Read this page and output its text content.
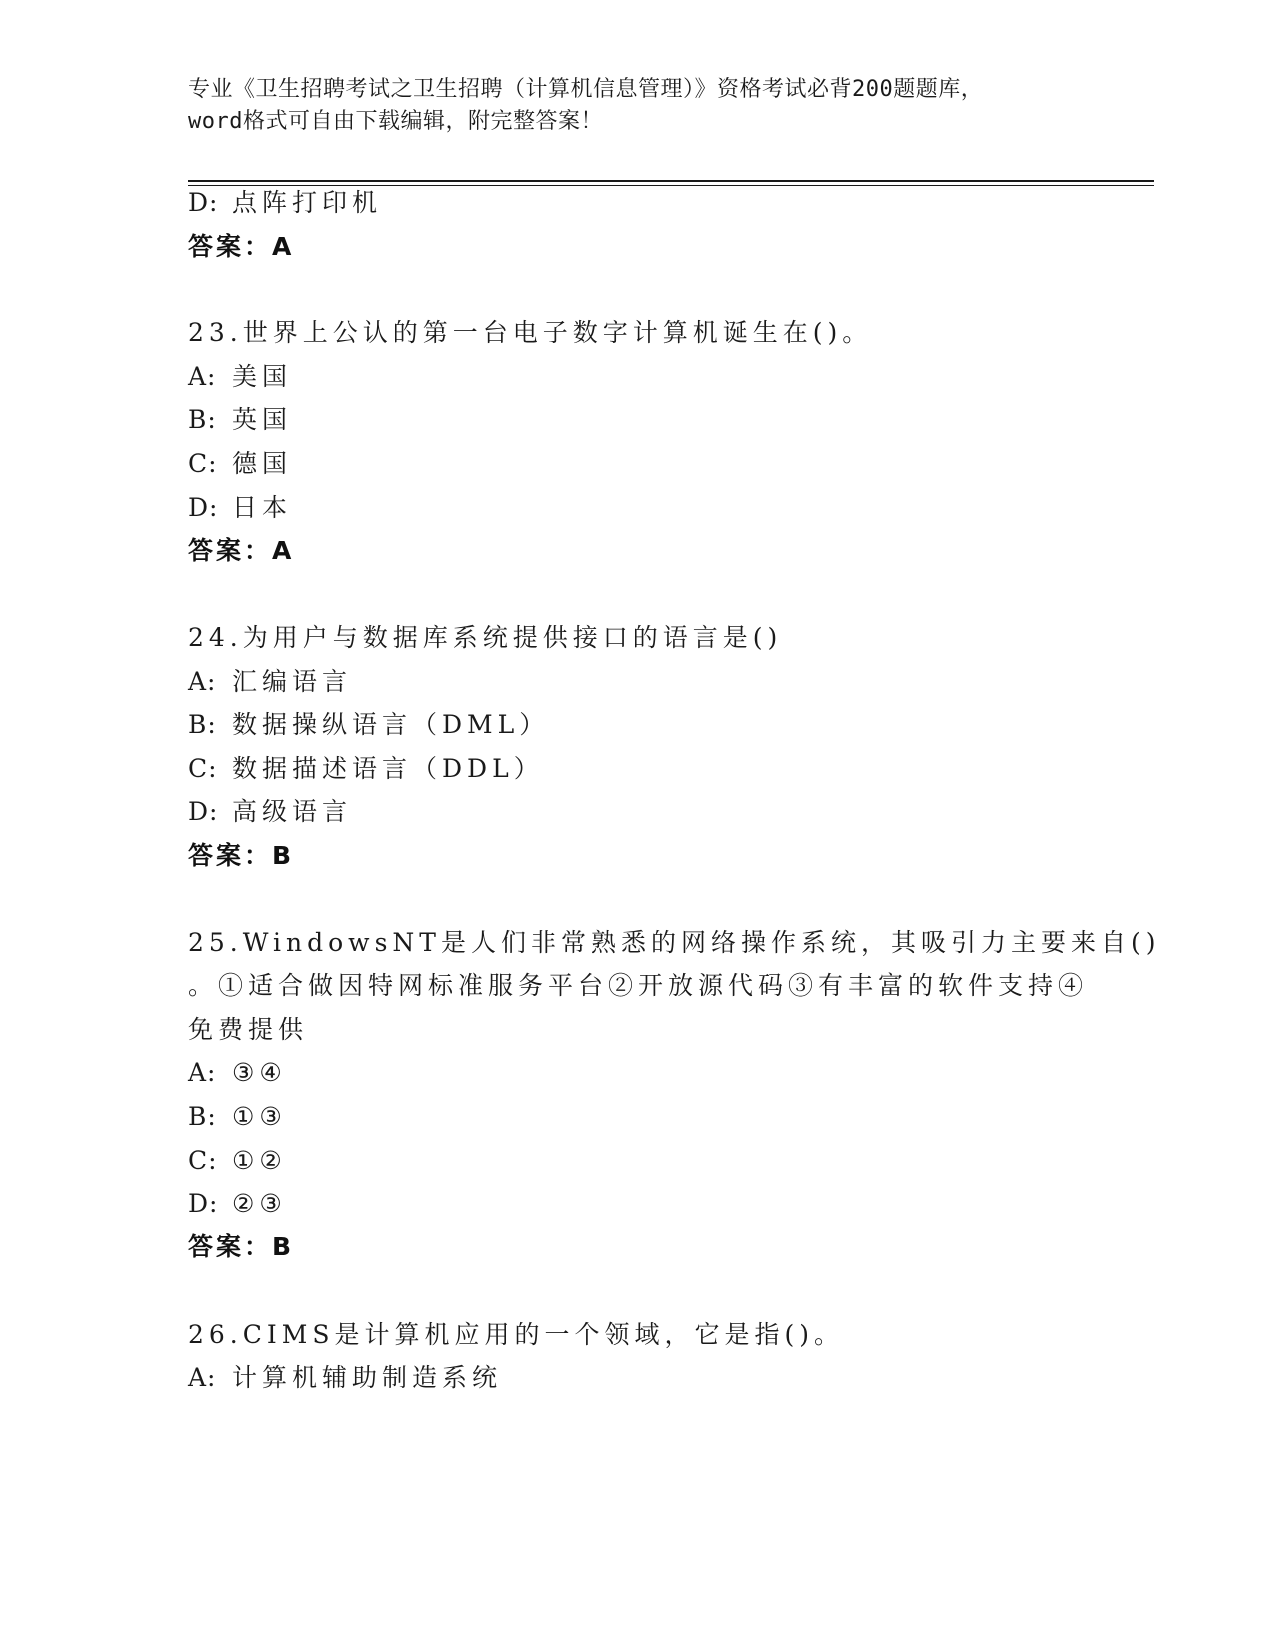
专业《卫生招聘考试之卫生招聘（计算机信息管理）》资格考试必背200题题库，
word格式可自由下载编辑，附完整答案！
D: 点阵打印机
答案：A
23.世界上公认的第一台电子数字计算机诞生在()。
A: 美国
B: 英国
C: 德国
D: 日本
答案：A
24.为用户与数据库系统提供接口的语言是()
A: 汇编语言
B: 数据操纵语言（DML）
C: 数据描述语言（DDL）
D: 高级语言
答案：B
25.WindowsNT是人们非常熟悉的网络操作系统，其吸引力主要来自()
。①适合做因特网标准服务平台②开放源代码③有丰富的软件支持④
免费提供
A: ③④
B: ①③
C: ①②
D: ②③
答案：B
26.CIMS是计算机应用的一个领域，它是指()。
A: 计算机辅助制造系统
